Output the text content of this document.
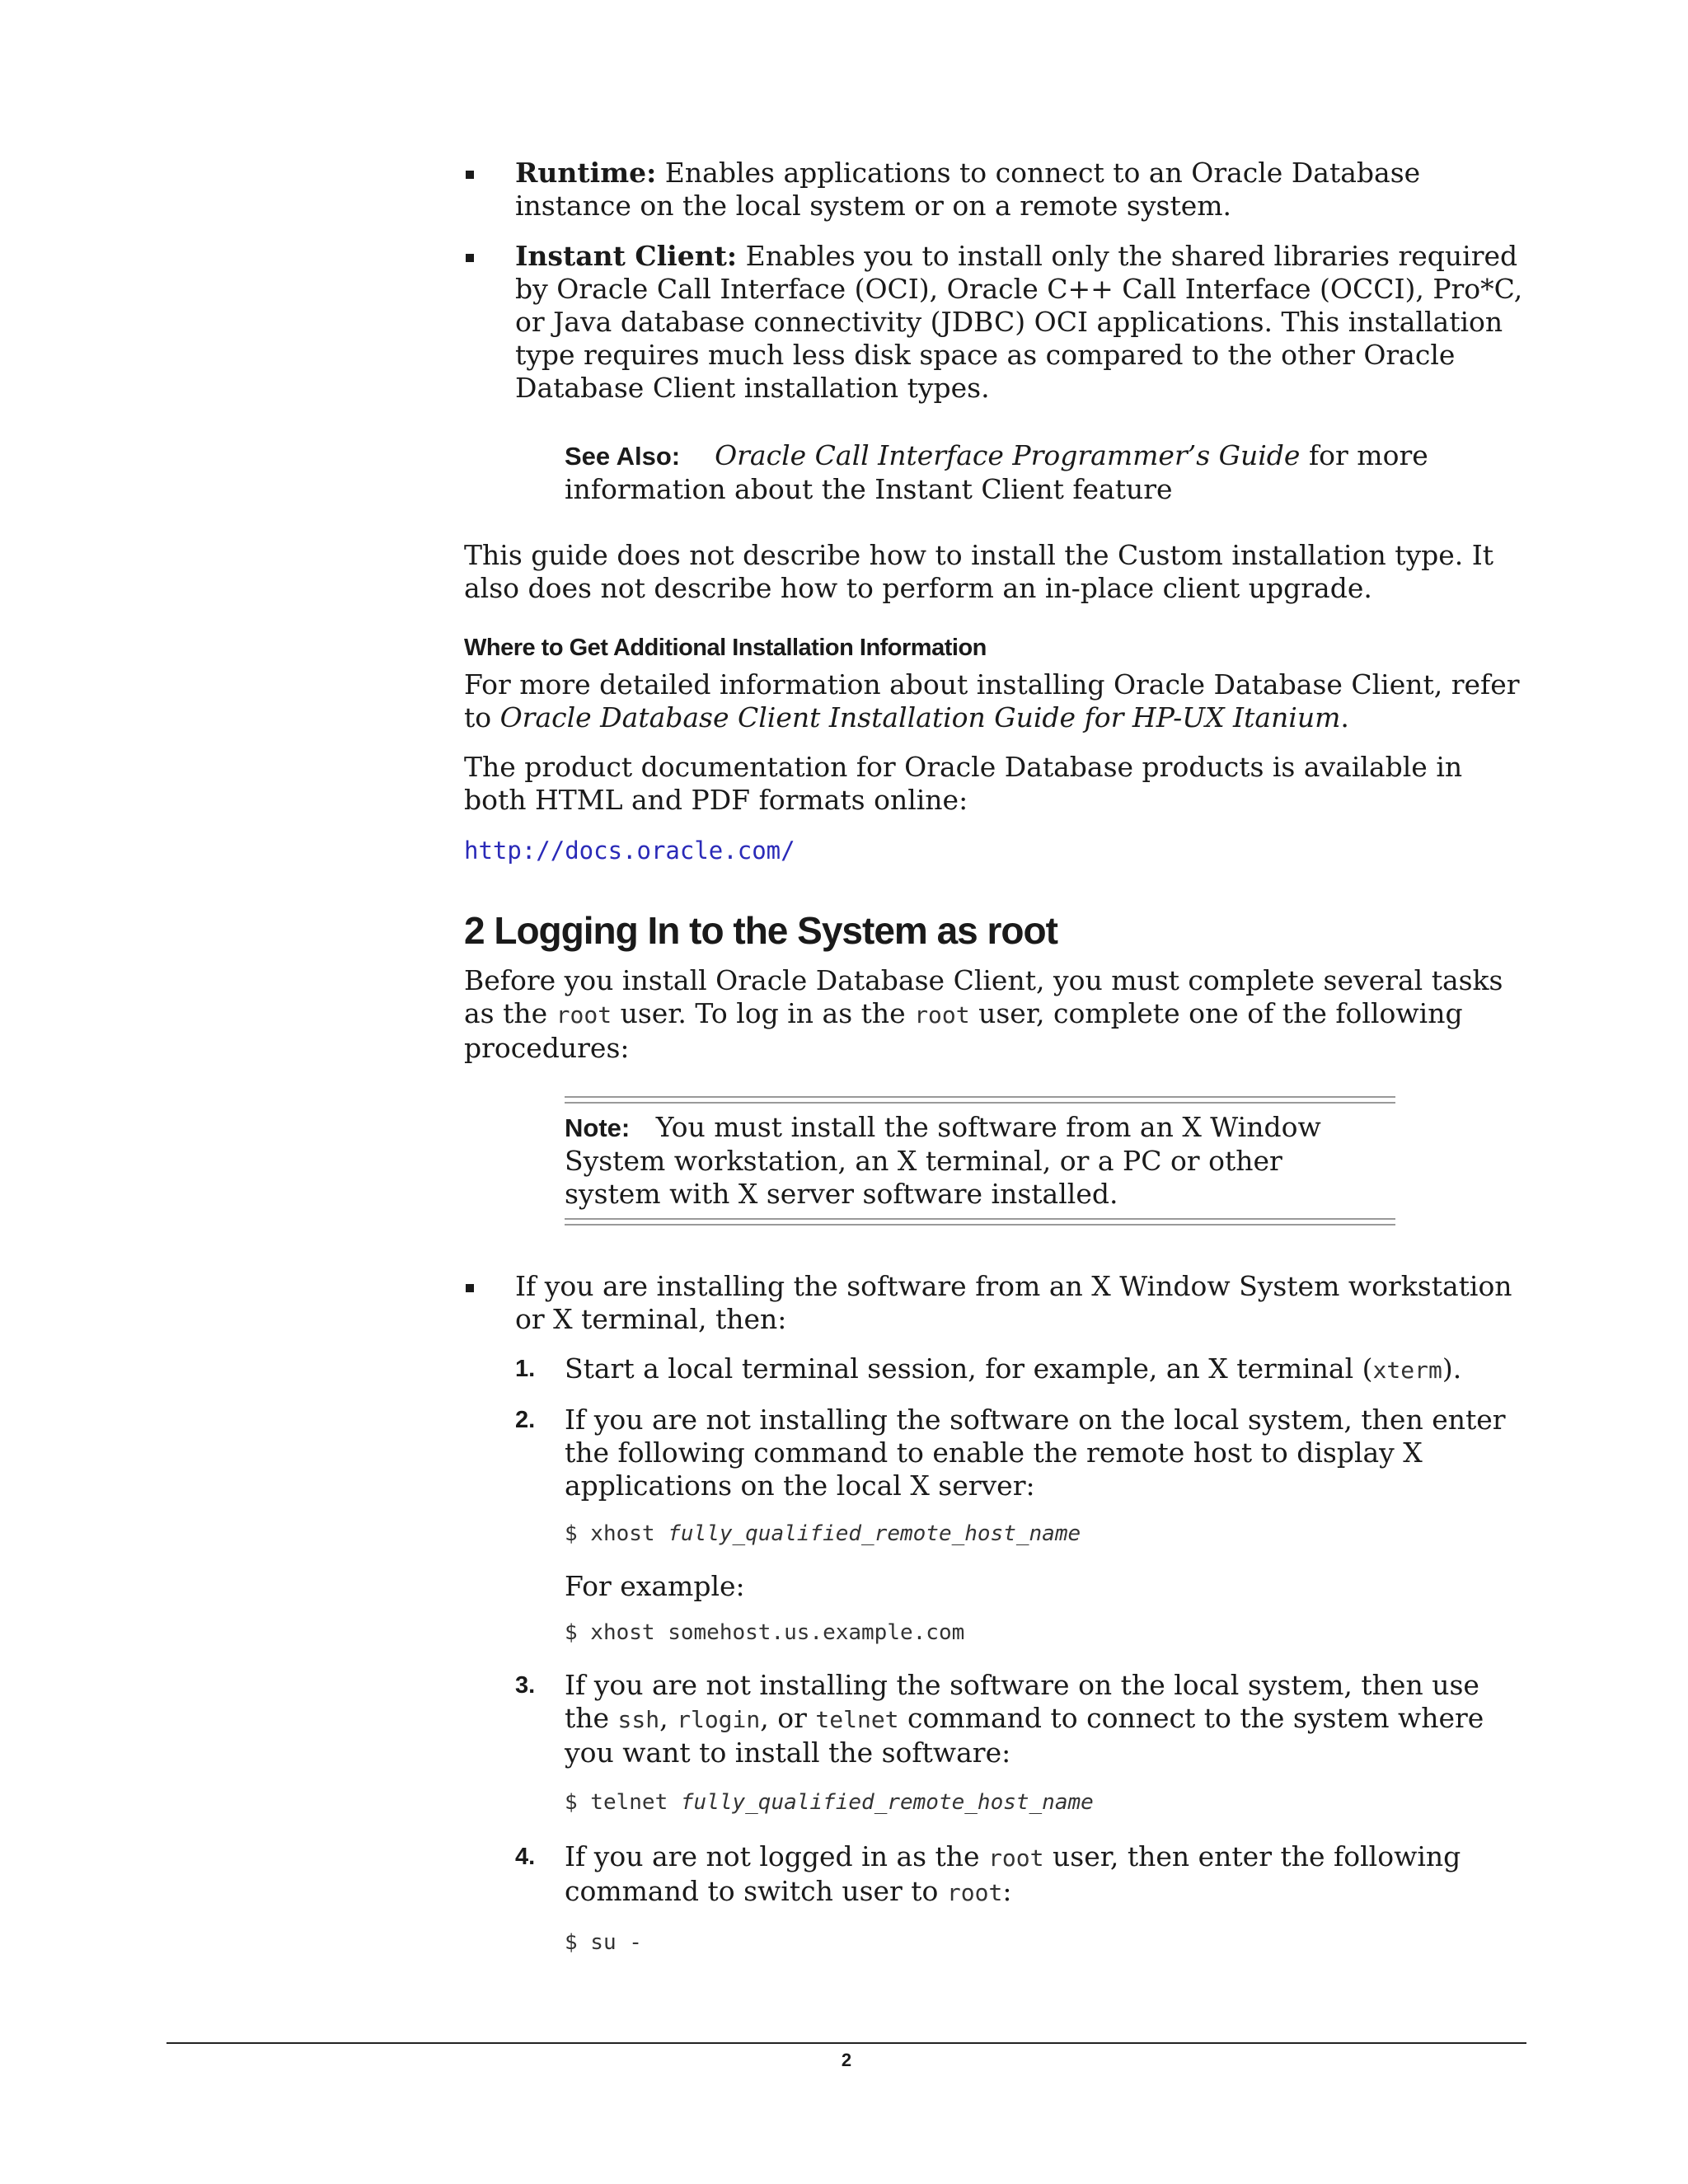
Runtime: Enables applications to connect to an Oracle Database instance on the local system or on a remote system.

Instant Client: Enables you to install only the shared libraries required by Oracle Call Interface (OCI), Oracle C++ Call Interface (OCCI), Pro*C, or Java database connectivity (JDBC) OCI applications. This installation type requires much less disk space as compared to the other Oracle Database Client installation types.

See Also: Oracle Call Interface Programmer’s Guide for more
information about the Instant Client feature

This guide does not describe how to install the Custom installation type. It also does not describe how to perform an in-place client upgrade.

Where to Get Additional Installation Information

For more detailed information about installing Oracle Database Client, refer to Oracle Database Client Installation Guide for HP-UX Itanium.

The product documentation for Oracle Database products is available in both HTML and PDF formats online:

http://docs.oracle.com/

2 Logging In to the System as root

Before you install Oracle Database Client, you must complete several tasks as the root user. To log in as the root user, complete one of the following procedures:

Note: You must install the software from an X Window System workstation, an X terminal, or a PC or other system with X server software installed.

If you are installing the software from an X Window System workstation or X terminal, then:

1. Start a local terminal session, for example, an X terminal (xterm).

2. If you are not installing the software on the local system, then enter the following command to enable the remote host to display X applications on the local X server:

$ xhost fully_qualified_remote_host_name

For example:

$ xhost somehost.us.example.com

3. If you are not installing the software on the local system, then use the ssh, rlogin, or telnet command to connect to the system where you want to install the software:

$ telnet fully_qualified_remote_host_name

4. If you are not logged in as the root user, then enter the following command to switch user to root:

$ su -

2
